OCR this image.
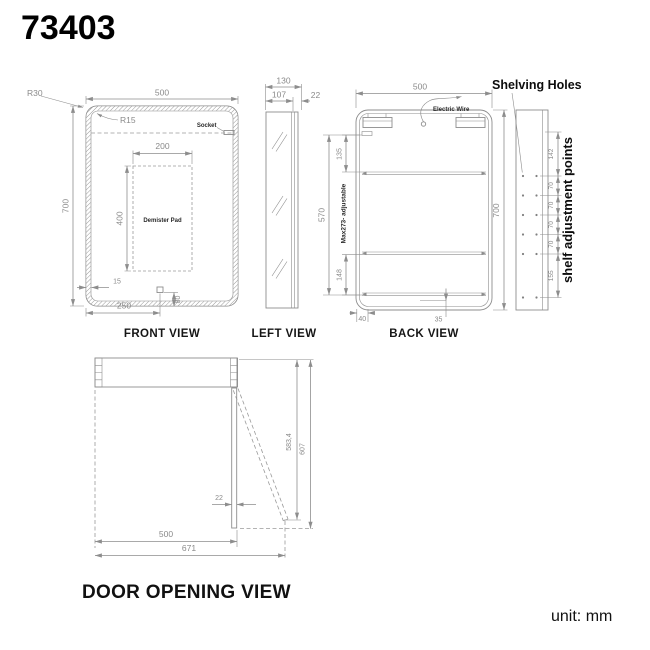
73403
Socket
R30
R15
Demister Pad
500
700
200
400
15
250
80
FRONT VIEW
130
107	22
LEFT VIEW
570
Electric Wire
135
Max273- adjustable
148
500
700
40	35
BACK VIEW
142
70
70
70
70
155
Shelving Holes
shelf adjustment points
583,4 607
22
500
671
DOOR OPENING VIEW
unit: mm
